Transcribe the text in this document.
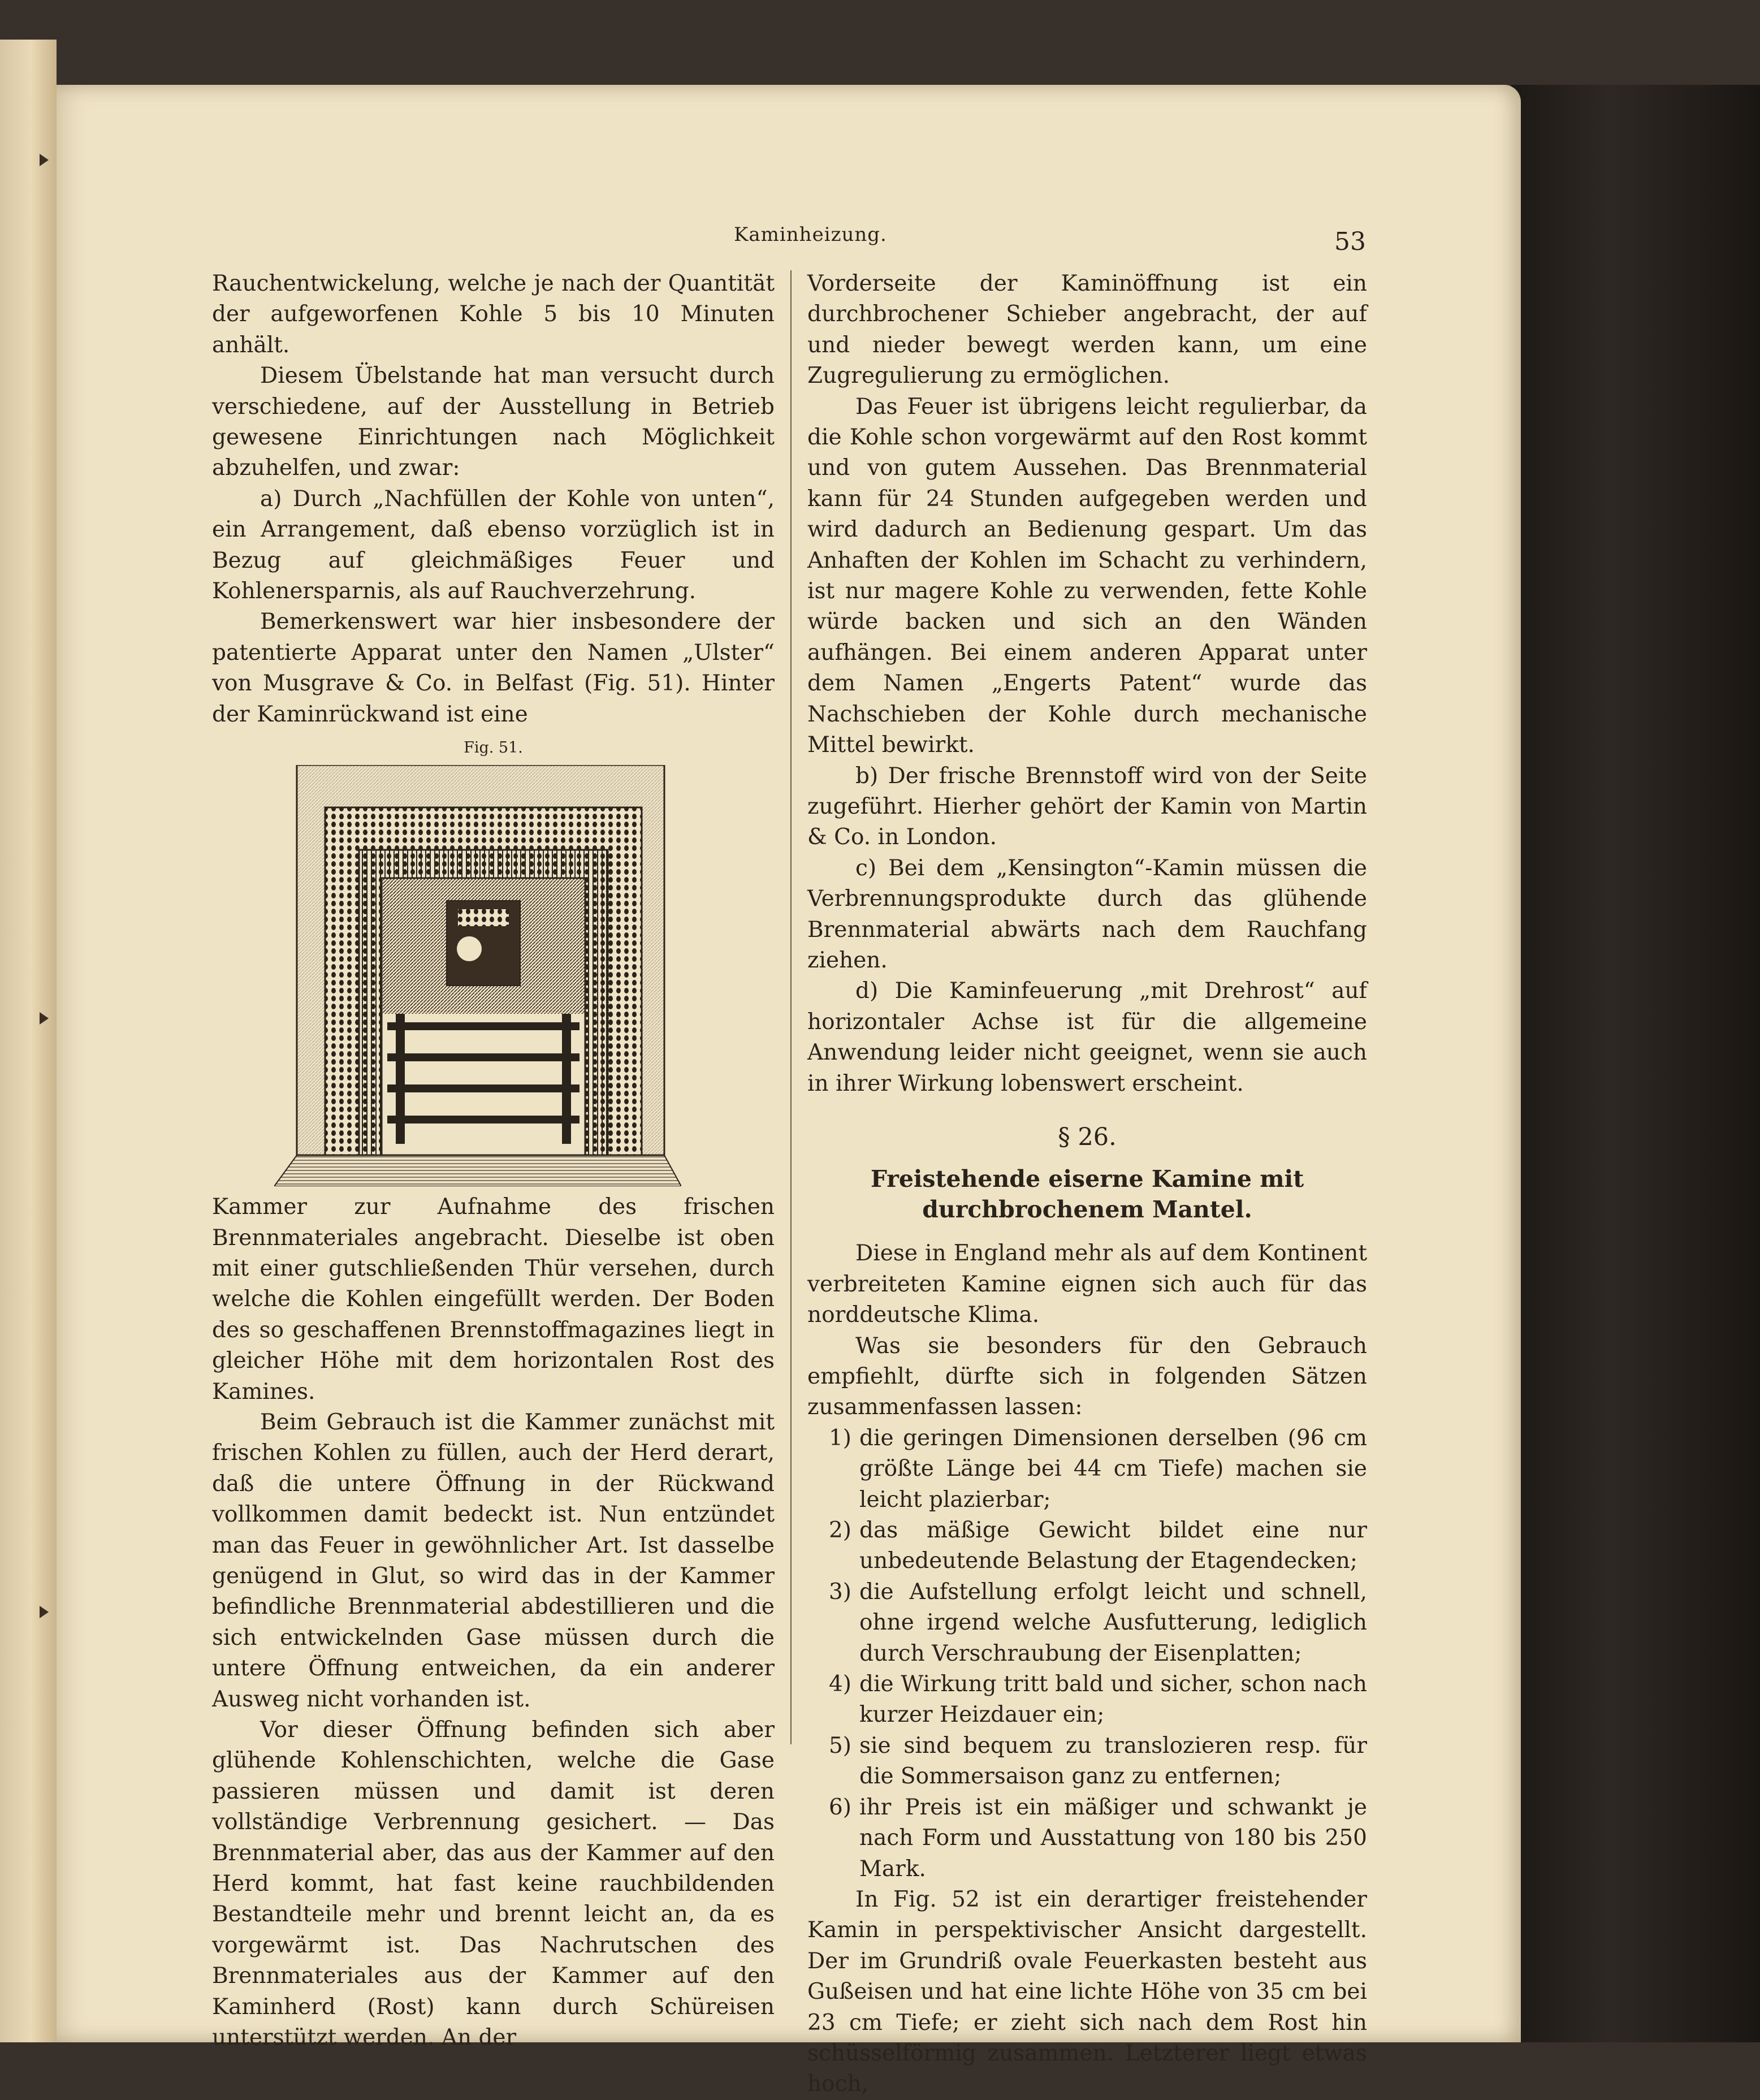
Kaminheizung.	53

Rauchentwickelung, welche je nach der Quantität der aufgeworfenen Kohle 5 bis 10 Minuten anhält.

Diesem Übelstande hat man versucht durch verschiedene, auf der Ausstellung in Betrieb gewesene Einrichtungen nach Möglichkeit abzuhelfen, und zwar:

a) Durch „Nachfüllen der Kohle von unten“, ein Arrangement, daß ebenso vorzüglich ist in Bezug auf gleichmäßiges Feuer und Kohlenersparnis, als auf Rauchverzehrung.

Bemerkenswert war hier insbesondere der patentierte Apparat unter den Namen „Ulster“ von Musgrave & Co. in Belfast (Fig. 51). Hinter der Kaminrückwand ist eine

Fig. 51.

Kammer zur Aufnahme des frischen Brennmateriales angebracht. Dieselbe ist oben mit einer gutschließenden Thür versehen, durch welche die Kohlen eingefüllt werden. Der Boden des so geschaffenen Brennstoffmagazines liegt in gleicher Höhe mit dem horizontalen Rost des Kamines.

Beim Gebrauch ist die Kammer zunächst mit frischen Kohlen zu füllen, auch der Herd derart, daß die untere Öffnung in der Rückwand vollkommen damit bedeckt ist. Nun entzündet man das Feuer in gewöhnlicher Art. Ist dasselbe genügend in Glut, so wird das in der Kammer befindliche Brennmaterial abdestillieren und die sich entwickelnden Gase müssen durch die untere Öffnung entweichen, da ein anderer Ausweg nicht vorhanden ist.

Vor dieser Öffnung befinden sich aber glühende Kohlenschichten, welche die Gase passieren müssen und damit ist deren vollständige Verbrennung gesichert. — Das Brennmaterial aber, das aus der Kammer auf den Herd kommt, hat fast keine rauchbildenden Bestandteile mehr und brennt leicht an, da es vorgewärmt ist. Das Nachrutschen des Brennmateriales aus der Kammer auf den Kaminherd (Rost) kann durch Schüreisen unterstützt werden. An der

Vorderseite der Kaminöffnung ist ein durchbrochener Schieber angebracht, der auf und nieder bewegt werden kann, um eine Zugregulierung zu ermöglichen.

Das Feuer ist übrigens leicht regulierbar, da die Kohle schon vorgewärmt auf den Rost kommt und von gutem Aussehen. Das Brennmaterial kann für 24 Stunden aufgegeben werden und wird dadurch an Bedienung gespart. Um das Anhaften der Kohlen im Schacht zu verhindern, ist nur magere Kohle zu verwenden, fette Kohle würde backen und sich an den Wänden aufhängen. Bei einem anderen Apparat unter dem Namen „Engerts Patent“ wurde das Nachschieben der Kohle durch mechanische Mittel bewirkt.

b) Der frische Brennstoff wird von der Seite zugeführt. Hierher gehört der Kamin von Martin & Co. in London.

c) Bei dem „Kensington“-Kamin müssen die Verbrennungsprodukte durch das glühende Brennmaterial abwärts nach dem Rauchfang ziehen.

d) Die Kaminfeuerung „mit Drehrost“ auf horizontaler Achse ist für die allgemeine Anwendung leider nicht geeignet, wenn sie auch in ihrer Wirkung lobenswert erscheint.

§ 26.
Freistehende eiserne Kamine mit durchbrochenem Mantel.

Diese in England mehr als auf dem Kontinent verbreiteten Kamine eignen sich auch für das norddeutsche Klima.

Was sie besonders für den Gebrauch empfiehlt, dürfte sich in folgenden Sätzen zusammenfassen lassen:

1) die geringen Dimensionen derselben (96 cm größte Länge bei 44 cm Tiefe) machen sie leicht plazierbar;
2) das mäßige Gewicht bildet eine nur unbedeutende Belastung der Etagendecken;
3) die Aufstellung erfolgt leicht und schnell, ohne irgend welche Ausfutterung, lediglich durch Verschraubung der Eisenplatten;
4) die Wirkung tritt bald und sicher, schon nach kurzer Heizdauer ein;
5) sie sind bequem zu translozieren resp. für die Sommersaison ganz zu entfernen;
6) ihr Preis ist ein mäßiger und schwankt je nach Form und Ausstattung von 180 bis 250 Mark.

In Fig. 52 ist ein derartiger freistehender Kamin in perspektivischer Ansicht dargestellt. Der im Grundriß ovale Feuerkasten besteht aus Gußeisen und hat eine lichte Höhe von 35 cm bei 23 cm Tiefe; er zieht sich nach dem Rost hin schüsselförmig zusammen. Letzterer liegt etwas hoch,
